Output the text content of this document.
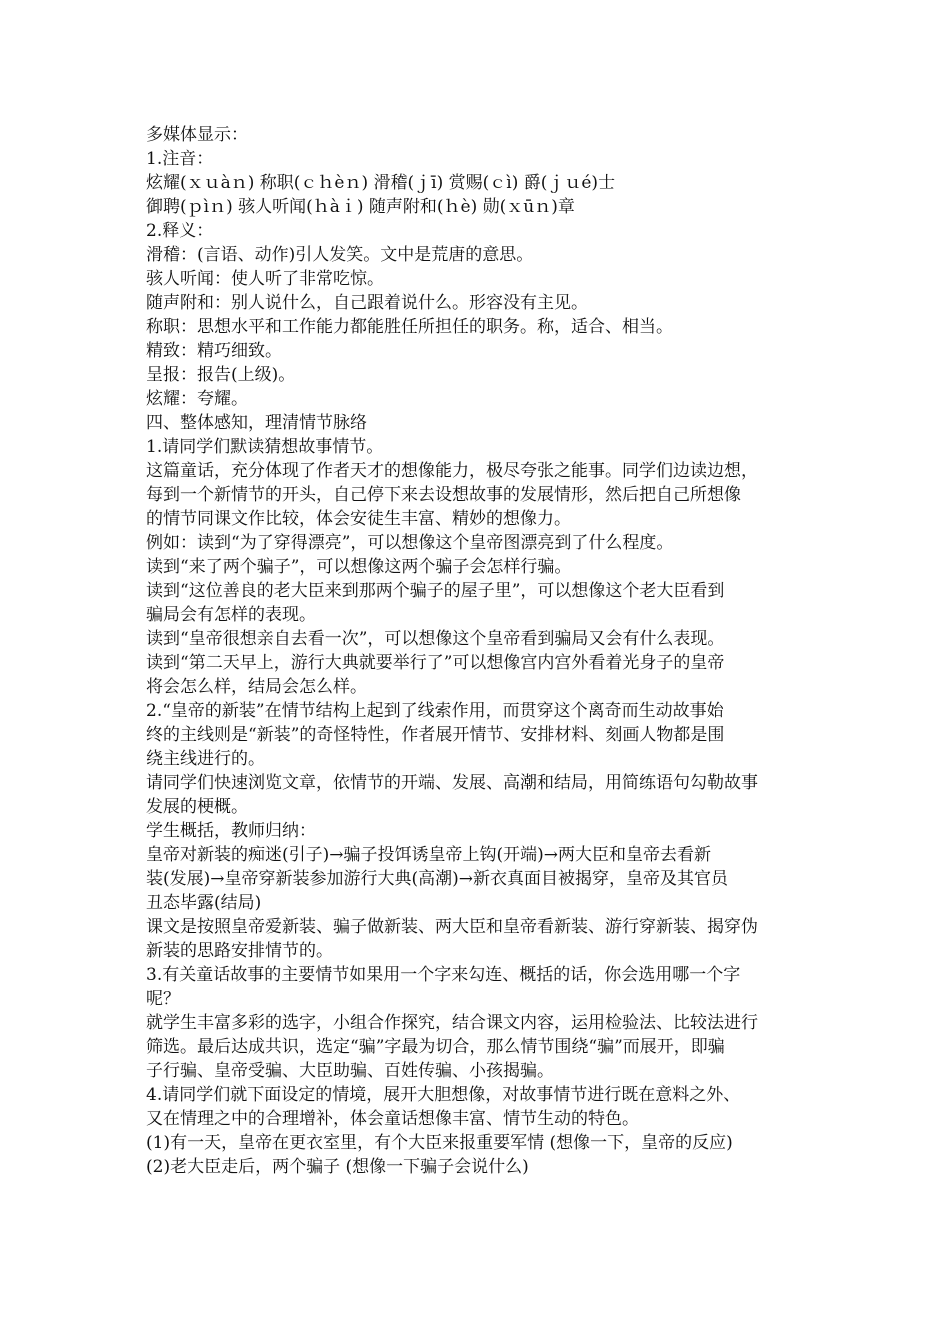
多媒体显示：

1.注音：

炫耀(ｘｕàｎ) 称职(ｃｈèｎ) 滑稽(ｊī) 赏赐(ｃì) 爵(ｊｕé)士

御聘(ｐìｎ) 骇人听闻(ｈàｉ) 随声附和(ｈè) 勋(ｘūｎ)章

2.释义：

滑稽：(言语、动作)引人发笑。文中是荒唐的意思。

骇人听闻：使人听了非常吃惊。

随声附和：别人说什么，自己跟着说什么。形容没有主见。

称职：思想水平和工作能力都能胜任所担任的职务。称，适合、相当。

精致：精巧细致。

呈报：报告(上级)。

炫耀：夸耀。

四、整体感知，理清情节脉络

1.请同学们默读猜想故事情节。

这篇童话，充分体现了作者天才的想像能力，极尽夸张之能事。同学们边读边想，

每到一个新情节的开头，自己停下来去设想故事的发展情形，然后把自己所想像

的情节同课文作比较，体会安徒生丰富、精妙的想像力。

例如：读到“为了穿得漂亮”，可以想像这个皇帝图漂亮到了什么程度。

读到“来了两个骗子”，可以想像这两个骗子会怎样行骗。

读到“这位善良的老大臣来到那两个骗子的屋子里”，可以想像这个老大臣看到

骗局会有怎样的表现。

读到“皇帝很想亲自去看一次”，可以想像这个皇帝看到骗局又会有什么表现。

读到“第二天早上，游行大典就要举行了”可以想像宫内宫外看着光身子的皇帝

将会怎么样，结局会怎么样。

2.“皇帝的新装”在情节结构上起到了线索作用，而贯穿这个离奇而生动故事始

终的主线则是“新装”的奇怪特性，作者展开情节、安排材料、刻画人物都是围

绕主线进行的。

请同学们快速浏览文章，依情节的开端、发展、高潮和结局，用简练语句勾勒故事

发展的梗概。

学生概括，教师归纳：

皇帝对新装的痴迷(引子)→骗子投饵诱皇帝上钩(开端)→两大臣和皇帝去看新

装(发展)→皇帝穿新装参加游行大典(高潮)→新衣真面目被揭穿，皇帝及其官员

丑态毕露(结局)

课文是按照皇帝爱新装、骗子做新装、两大臣和皇帝看新装、游行穿新装、揭穿伪

新装的思路安排情节的。

3.有关童话故事的主要情节如果用一个字来勾连、概括的话，你会选用哪一个字

呢？

就学生丰富多彩的选字，小组合作探究，结合课文内容，运用检验法、比较法进行

筛选。最后达成共识，选定“骗”字最为切合，那么情节围绕“骗”而展开，即骗

子行骗、皇帝受骗、大臣助骗、百姓传骗、小孩揭骗。

4.请同学们就下面设定的情境，展开大胆想像，对故事情节进行既在意料之外、

又在情理之中的合理增补，体会童话想像丰富、情节生动的特色。

(1)有一天，皇帝在更衣室里，有个大臣来报重要军情 (想像一下，皇帝的反应)

(2)老大臣走后，两个骗子 (想像一下骗子会说什么)
